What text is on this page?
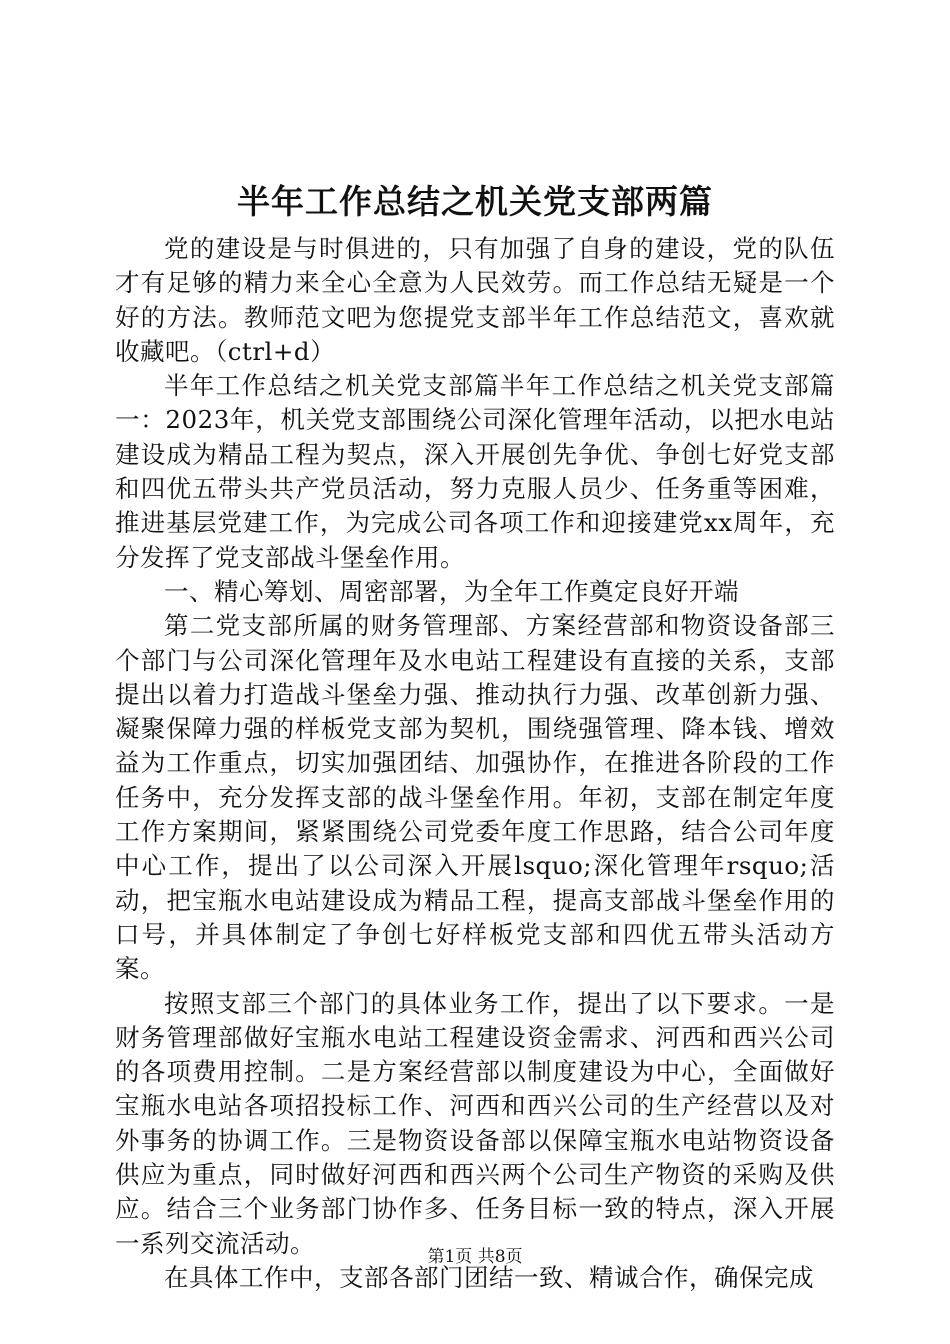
半年工作总结之机关党支部两篇

党的建设是与时俱进的，只有加强了自身的建设，党的队伍才有足够的精力来全心全意为人民效劳。而工作总结无疑是一个好的方法。教师范文吧为您提党支部半年工作总结范文，喜欢就收藏吧。（ctrl+d）

半年工作总结之机关党支部篇半年工作总结之机关党支部篇一：2023年，机关党支部围绕公司深化管理年活动，以把水电站建设成为精品工程为契点，深入开展创先争优、争创七好党支部和四优五带头共产党员活动，努力克服人员少、任务重等困难，推进基层党建工作，为完成公司各项工作和迎接建党xx周年，充分发挥了党支部战斗堡垒作用。

一、精心筹划、周密部署，为全年工作奠定良好开端

第二党支部所属的财务管理部、方案经营部和物资设备部三个部门与公司深化管理年及水电站工程建设有直接的关系，支部提出以着力打造战斗堡垒力强、推动执行力强、改革创新力强、凝聚保障力强的样板党支部为契机，围绕强管理、降本钱、增效益为工作重点，切实加强团结、加强协作，在推进各阶段的工作任务中，充分发挥支部的战斗堡垒作用。年初，支部在制定年度工作方案期间，紧紧围绕公司党委年度工作思路，结合公司年度中心工作，提出了以公司深入开展lsquo;深化管理年rsquo;活动，把宝瓶水电站建设成为精品工程，提高支部战斗堡垒作用的口号，并具体制定了争创七好样板党支部和四优五带头活动方案。

按照支部三个部门的具体业务工作，提出了以下要求。一是财务管理部做好宝瓶水电站工程建设资金需求、河西和西兴公司的各项费用控制。二是方案经营部以制度建设为中心，全面做好宝瓶水电站各项招投标工作、河西和西兴公司的生产经营以及对外事务的协调工作。三是物资设备部以保障宝瓶水电站物资设备供应为重点，同时做好河西和西兴两个公司生产物资的采购及供应。结合三个业务部门协作多、任务目标一致的特点，深入开展一系列交流活动。

在具体工作中，支部各部门团结一致、精诚合作，确保完成

第1页 共8页
